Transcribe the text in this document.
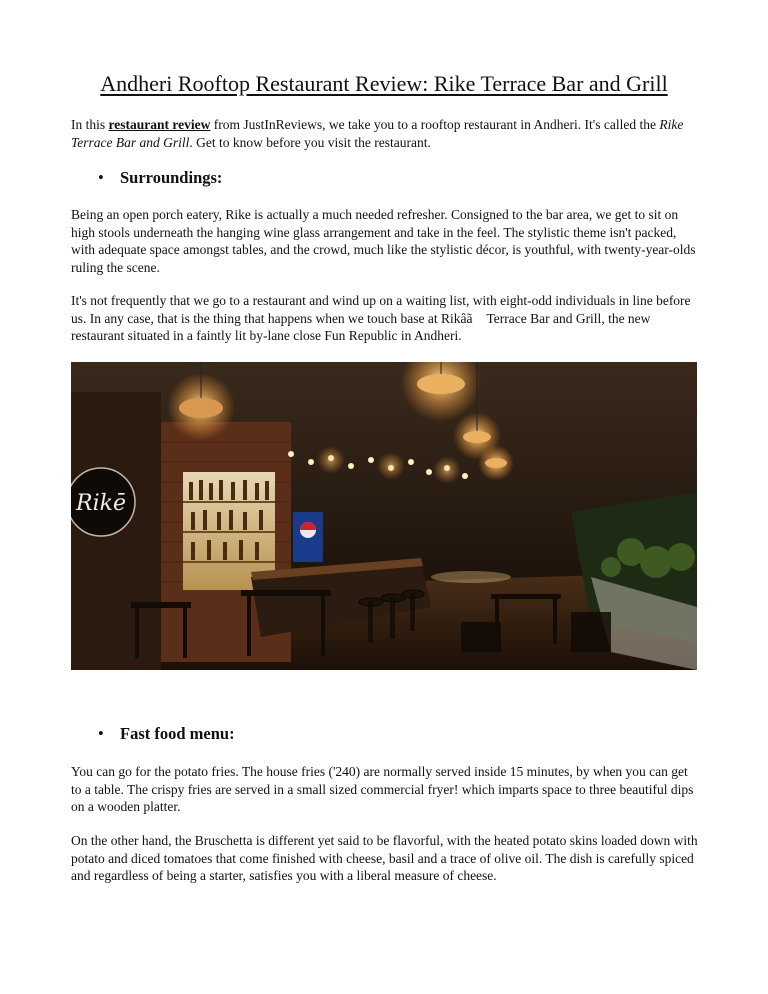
Andheri Rooftop Restaurant Review: Rike Terrace Bar and Grill

In this restaurant review from JustInReviews, we take you to a rooftop restaurant in Andheri. It's called the Rike Terrace Bar and Grill. Get to know before you visit the restaurant.

• Surroundings:

Being an open porch eatery, Rike is actually a much needed refresher. Consigned to the bar area, we get to sit on high stools underneath the hanging wine glass arrangement and take in the feel. The stylistic theme isn't packed, with adequate space amongst tables, and the crowd, much like the stylistic décor, is youthful, with twenty-year-olds ruling the scene.

It's not frequently that we go to a restaurant and wind up on a waiting list, with eight-odd individuals in line before us. In any case, that is the thing that happens when we touch base at Rikâã Terrace Bar and Grill, the new restaurant situated in a faintly lit by-lane close Fun Republic in Andheri.

Rikē

• Fast food menu:

You can go for the potato fries. The house fries ('240) are normally served inside 15 minutes, by when you can get to a table. The crispy fries are served in a small sized commercial fryer! which imparts space to three beautiful dips on a wooden platter.

On the other hand, the Bruschetta is different yet said to be flavorful, with the heated potato skins loaded down with potato and diced tomatoes that come finished with cheese, basil and a trace of olive oil. The dish is carefully spiced and regardless of being a starter, satisfies you with a liberal measure of cheese.
